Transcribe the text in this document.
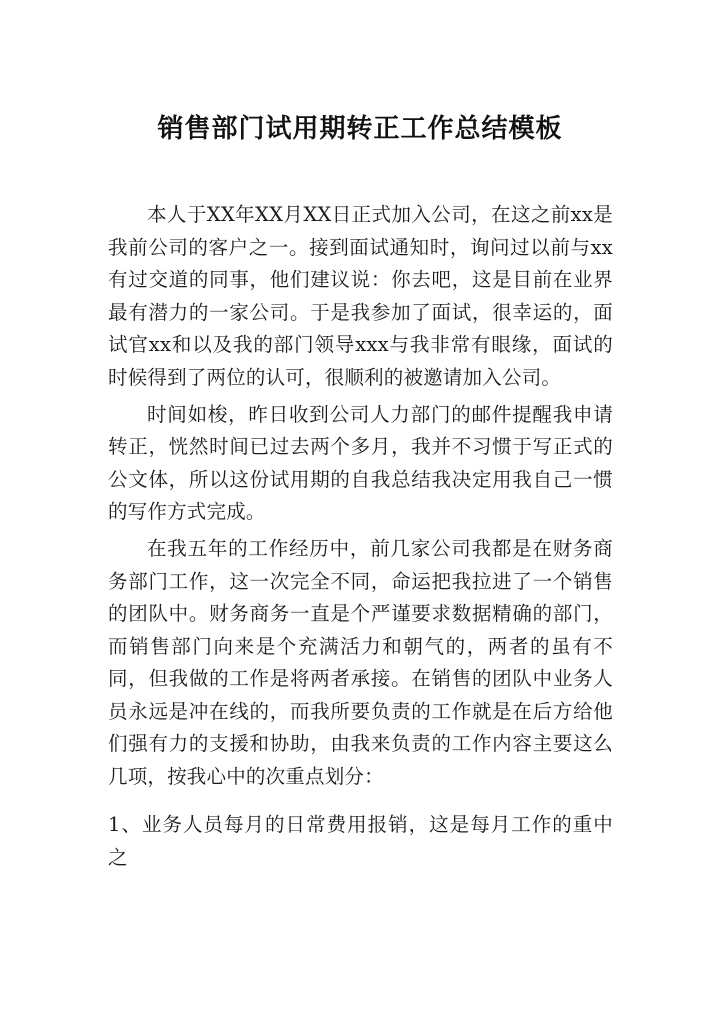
销售部门试用期转正工作总结模板

本人于XX年XX月XX日正式加入公司，在这之前xx是我前公司的客户之一。接到面试通知时，询问过以前与xx有过交道的同事，他们建议说：你去吧，这是目前在业界最有潜力的一家公司。于是我参加了面试，很幸运的，面试官xx和以及我的部门领导xxx与我非常有眼缘，面试的时候得到了两位的认可，很顺利的被邀请加入公司。

时间如梭，昨日收到公司人力部门的邮件提醒我申请转正，恍然时间已过去两个多月，我并不习惯于写正式的公文体，所以这份试用期的自我总结我决定用我自己一惯的写作方式完成。

在我五年的工作经历中，前几家公司我都是在财务商务部门工作，这一次完全不同，命运把我拉进了一个销售的团队中。财务商务一直是个严谨要求数据精确的部门，而销售部门向来是个充满活力和朝气的，两者的虽有不同，但我做的工作是将两者承接。在销售的团队中业务人员永远是冲在线的，而我所要负责的工作就是在后方给他们强有力的支援和协助，由我来负责的工作内容主要这么几项，按我心中的次重点划分：

1、业务人员每月的日常费用报销，这是每月工作的重中之
